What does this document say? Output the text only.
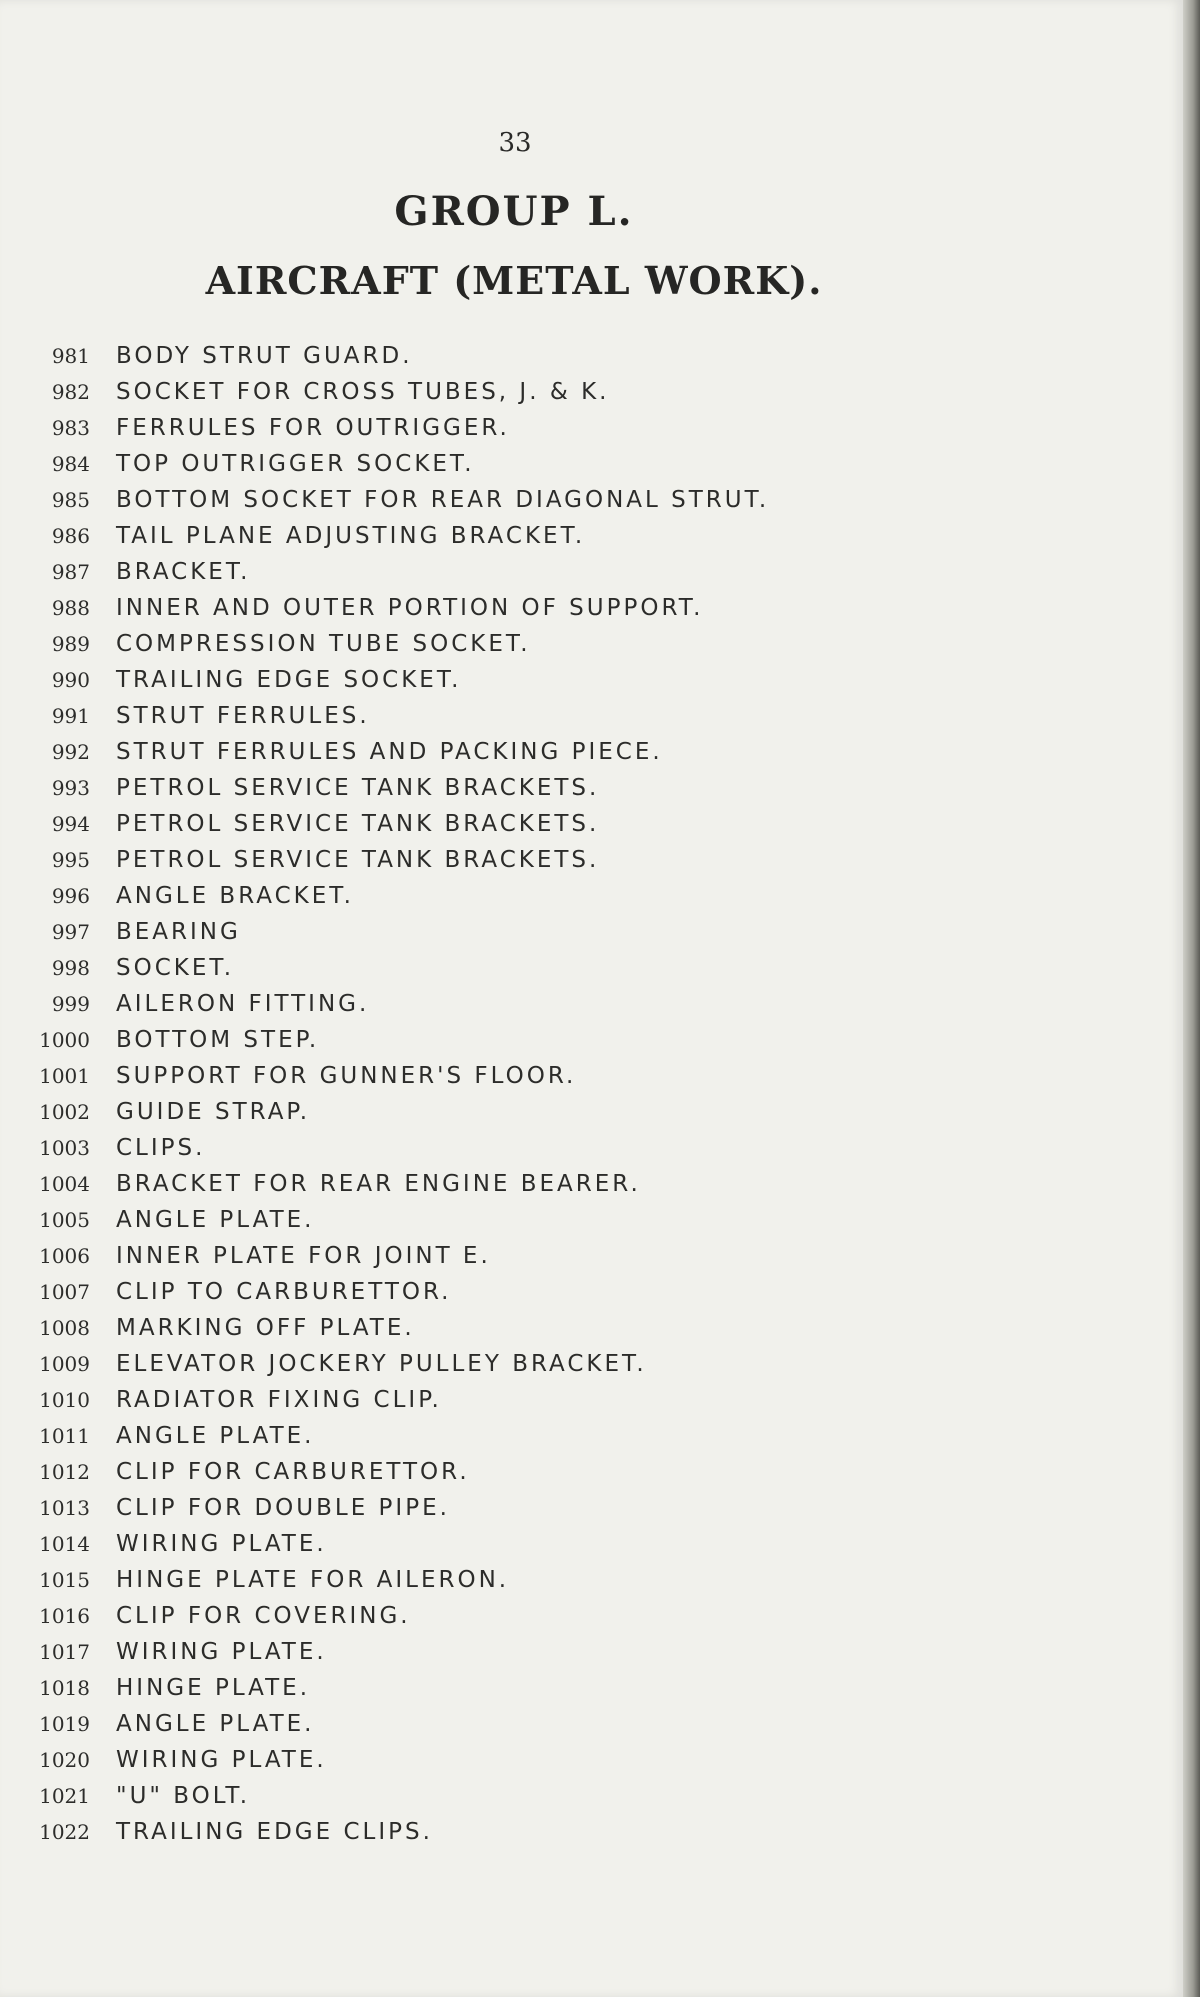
33
GROUP L.
AIRCRAFT (METAL WORK).
981	BODY STRUT GUARD.
982	SOCKET FOR CROSS TUBES, J. & K.
983	FERRULES FOR OUTRIGGER.
984	TOP OUTRIGGER SOCKET.
985	BOTTOM SOCKET FOR REAR DIAGONAL STRUT.
986	TAIL PLANE ADJUSTING BRACKET.
987	BRACKET.
988	INNER AND OUTER PORTION OF SUPPORT.
989	COMPRESSION TUBE SOCKET.
990	TRAILING EDGE SOCKET.
991	STRUT FERRULES.
992	STRUT FERRULES AND PACKING PIECE.
993	PETROL SERVICE TANK BRACKETS.
994	PETROL SERVICE TANK BRACKETS.
995	PETROL SERVICE TANK BRACKETS.
996	ANGLE BRACKET.
997	BEARING
998	SOCKET.
999	AILERON FITTING.
1000	BOTTOM STEP.
1001	SUPPORT FOR GUNNER'S FLOOR.
1002	GUIDE STRAP.
1003	CLIPS.
1004	BRACKET FOR REAR ENGINE BEARER.
1005	ANGLE PLATE.
1006	INNER PLATE FOR JOINT E.
1007	CLIP TO CARBURETTOR.
1008	MARKING OFF PLATE.
1009	ELEVATOR JOCKERY PULLEY BRACKET.
1010	RADIATOR FIXING CLIP.
1011	ANGLE PLATE.
1012	CLIP FOR CARBURETTOR.
1013	CLIP FOR DOUBLE PIPE.
1014	WIRING PLATE.
1015	HINGE PLATE FOR AILERON.
1016	CLIP FOR COVERING.
1017	WIRING PLATE.
1018	HINGE PLATE.
1019	ANGLE PLATE.
1020	WIRING PLATE.
1021	"U" BOLT.
1022	TRAILING EDGE CLIPS.
